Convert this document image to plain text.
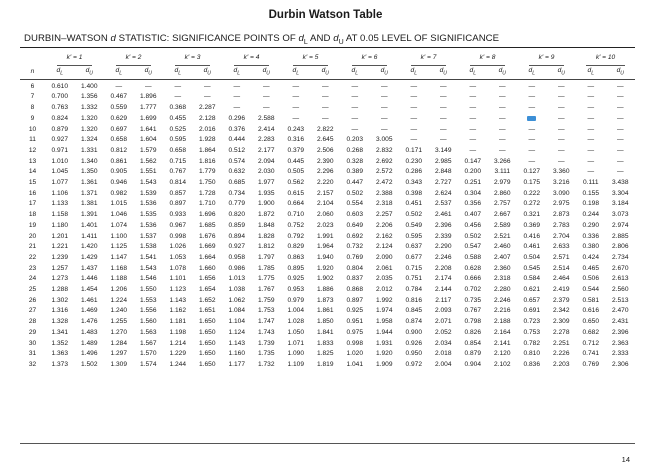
Durbin Watson Table
DURBIN–WATSON d STATISTIC: SIGNIFICANCE POINTS OF $d_L$ AND $d_U$ AT 0.05 LEVEL OF SIGNIFICANCE
	k′ = 1		k′ = 2		k′ = 3		k′ = 4		k′ = 5		k′ = 6		k′ = 7		k′ = 8		k′ = 9		k′ = 10	
n	$d_L$	$d_U$	$d_L$	$d_U$	$d_L$	$d_U$	$d_L$	$d_U$	$d_L$	$d_U$	$d_L$	$d_U$	$d_L$	$d_U$	$d_L$	$d_U$	$d_L$	$d_U$	$d_L$	$d_U$
6	0.610	1.400	—	—	—	—	—	—	—	—	—	—	—	—	—	—	—	—	—	—
7	0.700	1.356	0.467	1.896	—	—	—	—	—	—	—	—	—	—	—	—	—	—	—	—
8	0.763	1.332	0.559	1.777	0.368	2.287	—	—	—	—	—	—	—	—	—	—	—	—	—	—
9	0.824	1.320	0.629	1.699	0.455	2.128	0.296	2.588	—	—	—	—	—	—	—	—		—	—	—
10	0.879	1.320	0.697	1.641	0.525	2.016	0.376	2.414	0.243	2.822	—	—	—	—	—	—	—	—	—	—
11	0.927	1.324	0.658	1.604	0.595	1.928	0.444	2.283	0.316	2.645	0.203	3.005	—	—	—	—	—	—	—	—
12	0.971	1.331	0.812	1.579	0.658	1.864	0.512	2.177	0.379	2.506	0.268	2.832	0.171	3.149	—	—	—	—	—	—
13	1.010	1.340	0.861	1.562	0.715	1.816	0.574	2.094	0.445	2.390	0.328	2.692	0.230	2.985	0.147	3.266	—	—	—	—
14	1.045	1.350	0.905	1.551	0.767	1.779	0.632	2.030	0.505	2.296	0.389	2.572	0.286	2.848	0.200	3.111	0.127	3.360	—	—
15	1.077	1.361	0.946	1.543	0.814	1.750	0.685	1.977	0.562	2.220	0.447	2.472	0.343	2.727	0.251	2.979	0.175	3.216	0.111	3.438
16	1.106	1.371	0.982	1.539	0.857	1.728	0.734	1.935	0.615	2.157	0.502	2.388	0.398	2.624	0.304	2.860	0.222	3.090	0.155	3.304
17	1.133	1.381	1.015	1.536	0.897	1.710	0.779	1.900	0.664	2.104	0.554	2.318	0.451	2.537	0.356	2.757	0.272	2.975	0.198	3.184
18	1.158	1.391	1.046	1.535	0.933	1.696	0.820	1.872	0.710	2.060	0.603	2.257	0.502	2.461	0.407	2.667	0.321	2.873	0.244	3.073
19	1.180	1.401	1.074	1.536	0.967	1.685	0.859	1.848	0.752	2.023	0.649	2.206	0.549	2.396	0.456	2.589	0.369	2.783	0.290	2.974
20	1.201	1.411	1.100	1.537	0.998	1.676	0.894	1.828	0.792	1.991	0.692	2.162	0.595	2.339	0.502	2.521	0.416	2.704	0.336	2.885
21	1.221	1.420	1.125	1.538	1.026	1.669	0.927	1.812	0.829	1.964	0.732	2.124	0.637	2.290	0.547	2.460	0.461	2.633	0.380	2.806
22	1.239	1.429	1.147	1.541	1.053	1.664	0.958	1.797	0.863	1.940	0.769	2.090	0.677	2.246	0.588	2.407	0.504	2.571	0.424	2.734
23	1.257	1.437	1.168	1.543	1.078	1.660	0.986	1.785	0.895	1.920	0.804	2.061	0.715	2.208	0.628	2.360	0.545	2.514	0.465	2.670
24	1.273	1.446	1.188	1.546	1.101	1.656	1.013	1.775	0.925	1.902	0.837	2.035	0.751	2.174	0.666	2.318	0.584	2.464	0.506	2.613
25	1.288	1.454	1.206	1.550	1.123	1.654	1.038	1.767	0.953	1.886	0.868	2.012	0.784	2.144	0.702	2.280	0.621	2.419	0.544	2.560
26	1.302	1.461	1.224	1.553	1.143	1.652	1.062	1.759	0.979	1.873	0.897	1.992	0.816	2.117	0.735	2.246	0.657	2.379	0.581	2.513
27	1.316	1.469	1.240	1.556	1.162	1.651	1.084	1.753	1.004	1.861	0.925	1.974	0.845	2.093	0.767	2.216	0.691	2.342	0.616	2.470
28	1.328	1.476	1.255	1.560	1.181	1.650	1.104	1.747	1.028	1.850	0.951	1.958	0.874	2.071	0.798	2.188	0.723	2.309	0.650	2.431
29	1.341	1.483	1.270	1.563	1.198	1.650	1.124	1.743	1.050	1.841	0.975	1.944	0.900	2.052	0.826	2.164	0.753	2.278	0.682	2.396
30	1.352	1.489	1.284	1.567	1.214	1.650	1.143	1.739	1.071	1.833	0.998	1.931	0.926	2.034	0.854	2.141	0.782	2.251	0.712	2.363
31	1.363	1.496	1.297	1.570	1.229	1.650	1.160	1.735	1.090	1.825	1.020	1.920	0.950	2.018	0.879	2.120	0.810	2.226	0.741	2.333
32	1.373	1.502	1.309	1.574	1.244	1.650	1.177	1.732	1.109	1.819	1.041	1.909	0.972	2.004	0.904	2.102	0.836	2.203	0.769	2.306
14
